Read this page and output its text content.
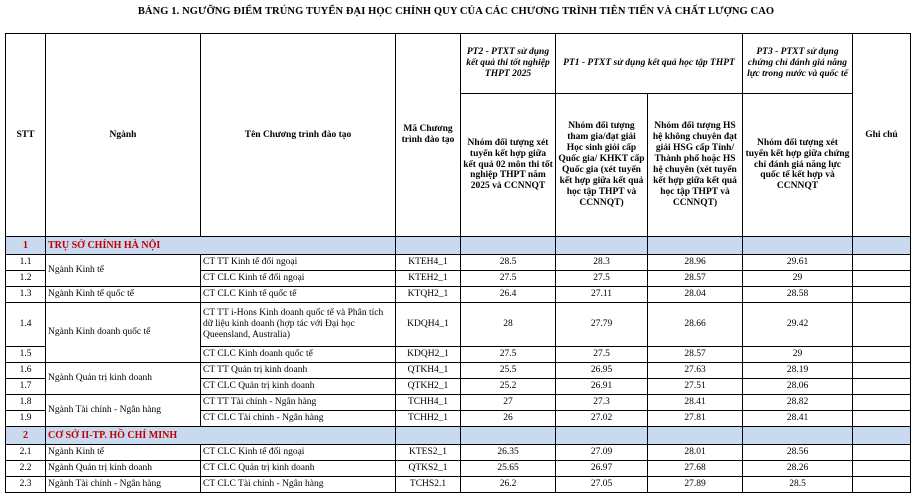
BẢNG 1. NGƯỠNG ĐIỂM TRÚNG TUYỂN ĐẠI HỌC CHÍNH QUY CỦA CÁC CHƯƠNG TRÌNH TIÊN TIẾN VÀ CHẤT LƯỢNG CAO
STT	Ngành	Tên Chương trình đào tạo	Mã Chương trình đào tạo	PT2 - PTXT sử dụng kết quả thi tốt nghiệp THPT 2025	PT1 - PTXT sử dụng kết quả học tập THPT		PT3 - PTXT sử dụng chứng chỉ đánh giá năng lực trong nước và quốc tế	Ghi chú
				Nhóm đối tượng xét tuyển kết hợp giữa kết quả 02 môn thi tốt nghiệp THPT năm 2025 và CCNNQT	Nhóm đối tượng tham gia/đạt giải Học sinh giỏi cấp Quốc gia/ KHKT cấp Quốc gia (xét tuyển kết hợp giữa kết quả học tập THPT và CCNNQT)	Nhóm đối tượng HS hệ không chuyên đạt giải HSG cấp Tỉnh/ Thành phố hoặc HS hệ chuyên (xét tuyển kết hợp giữa kết quả học tập THPT và CCNNQT)	Nhóm đối tượng xét tuyển kết hợp giữa chứng chỉ đánh giá năng lực quốc tế kết hợp và CCNNQT	
1	TRỤ SỞ CHÍNH HÀ NỘI							
1.1	Ngành Kinh tế	CT TT Kinh tế đối ngoại	KTEH4_1	28.5	28.3	28.96	29.61	
1.2		CT CLC Kinh tế đối ngoại	KTEH2_1	27.5	27.5	28.57	29	
1.3	Ngành Kinh tế quốc tế	CT CLC Kinh tế quốc tế	KTQH2_1	26.4	27.11	28.04	28.58	
1.4	Ngành Kinh doanh quốc tế	CT TT i-Hons Kinh doanh quốc tế và Phân tích dữ liệu kinh doanh (hợp tác với Đại học Queensland, Australia)	KDQH4_1	28	27.79	28.66	29.42	
1.5		CT CLC Kinh doanh quốc tế	KDQH2_1	27.5	27.5	28.57	29	
1.6	Ngành Quản trị kinh doanh	CT TT Quản trị kinh doanh	QTKH4_1	25.5	26.95	27.63	28.19	
1.7		CT CLC Quản trị kinh doanh	QTKH2_1	25.2	26.91	27.51	28.06	
1.8	Ngành Tài chính - Ngân hàng	CT TT Tài chính - Ngân hàng	TCHH4_1	27	27.3	28.41	28.82	
1.9		CT CLC Tài chính - Ngân hàng	TCHH2_1	26	27.02	27.81	28.41	
2	CƠ SỞ II-TP. HỒ CHÍ MINH							
2.1	Ngành Kinh tế	CT CLC Kinh tế đối ngoại	KTES2_1	26.35	27.09	28.01	28.56	
2.2	Ngành Quản trị kinh doanh	CT CLC Quản trị kinh doanh	QTKS2_1	25.65	26.97	27.68	28.26	
2.3	Ngành Tài chính - Ngân hàng	CT CLC Tài chính - Ngân hàng	TCHS2.1	26.2	27.05	27.89	28.5	
